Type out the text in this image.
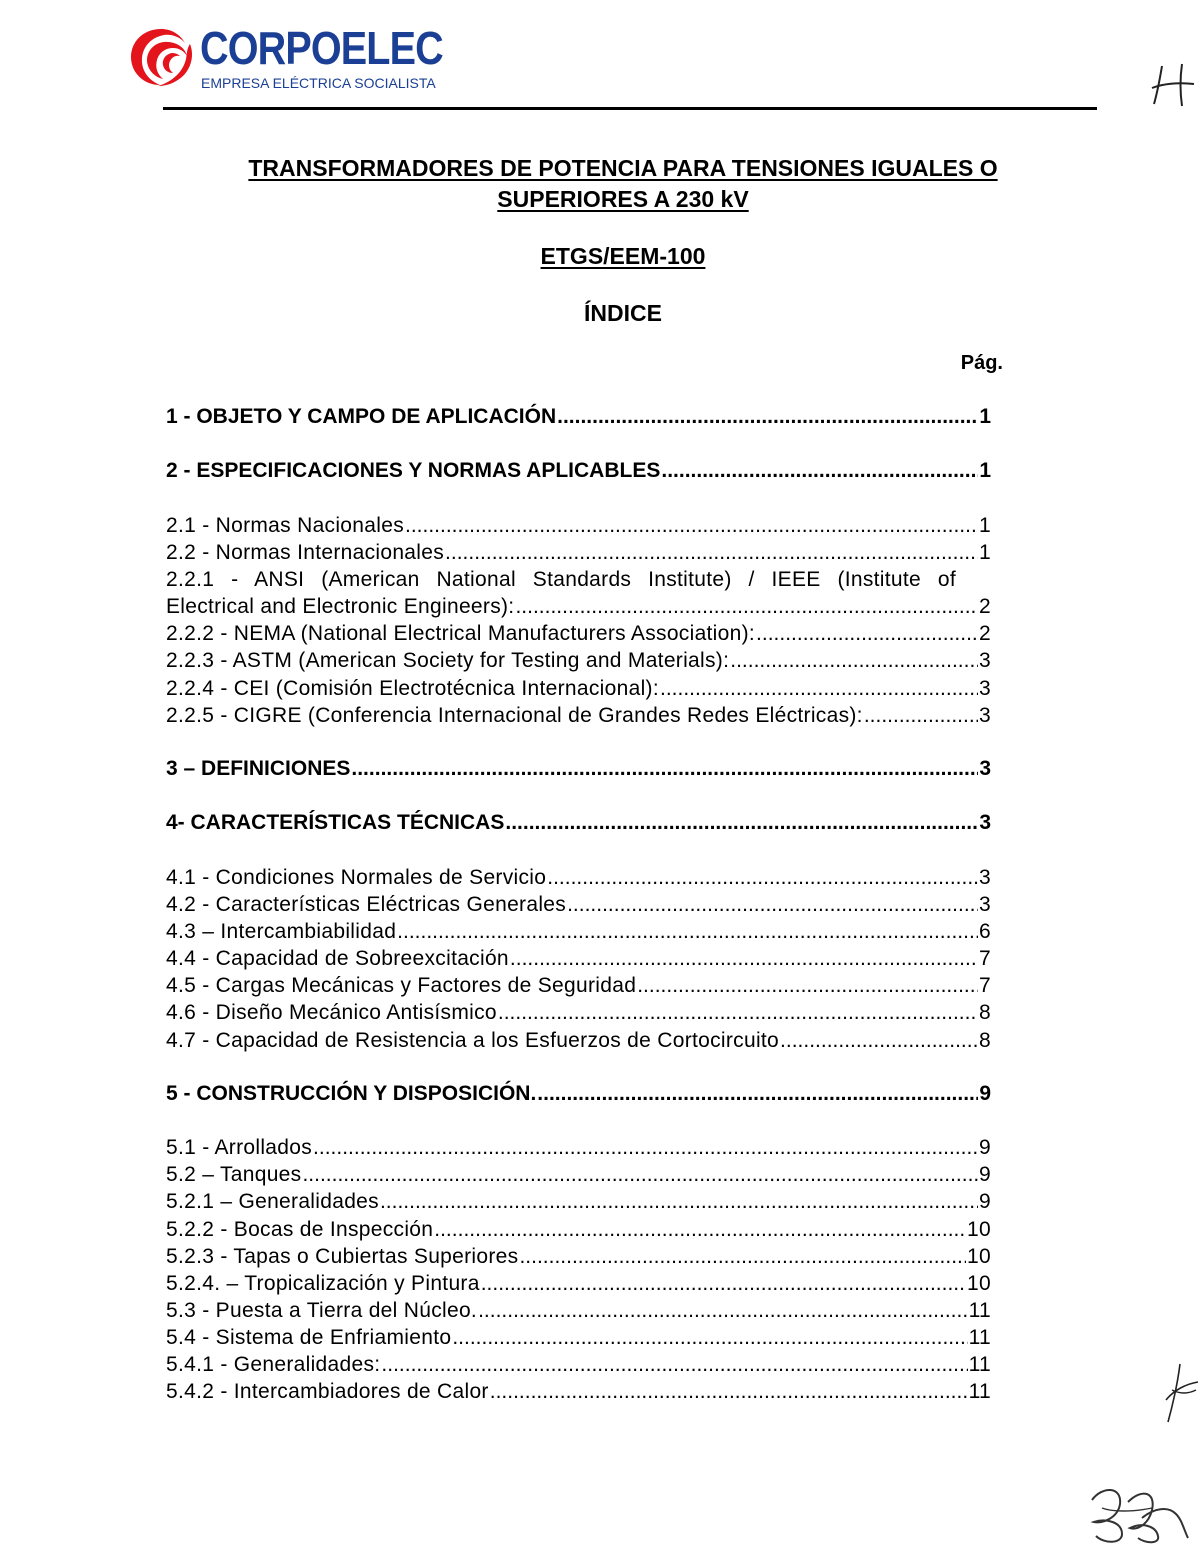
CORPOELEC
EMPRESA ELÉCTRICA SOCIALISTA
TRANSFORMADORES DE POTENCIA PARA TENSIONES IGUALES O
SUPERIORES A 230 kV
ETGS/EEM-100
ÍNDICE
Pág.
1 - OBJETO Y CAMPO DE APLICACIÓN .....	1
2 - ESPECIFICACIONES Y NORMAS APLICABLES .....	1
2.1 - Normas Nacionales .....	1
2.2 - Normas Internacionales .....	1
2.2.1 - ANSI (American National Standards Institute) / IEEE (Institute of
Electrical and Electronic Engineers): .....	2
2.2.2 - NEMA (National Electrical Manufacturers Association): .....	2
2.2.3 - ASTM (American Society for Testing and Materials): .....	3
2.2.4 - CEI (Comisión Electrotécnica Internacional): .....	3
2.2.5 - CIGRE (Conferencia Internacional de Grandes Redes Eléctricas): .....	3
3 – DEFINICIONES .....	3
4- CARACTERÍSTICAS TÉCNICAS .....	3
4.1 - Condiciones Normales de Servicio .....	3
4.2 - Características Eléctricas Generales .....	3
4.3 – Intercambiabilidad .....	6
4.4 - Capacidad de Sobreexcitación .....	7
4.5 - Cargas Mecánicas y Factores de Seguridad .....	7
4.6 - Diseño Mecánico Antisísmico .....	8
4.7 - Capacidad de Resistencia a los Esfuerzos de Cortocircuito .....	8
5 - CONSTRUCCIÓN Y DISPOSICIÓN. .....	9
5.1 - Arrollados .....	9
5.2 – Tanques .....	9
5.2.1 – Generalidades .....	9
5.2.2 - Bocas de Inspección .....	10
5.2.3 - Tapas o Cubiertas Superiores .....	10
5.2.4. – Tropicalización y Pintura .....	10
5.3 - Puesta a Tierra del Núcleo. .....	11
5.4 - Sistema de Enfriamiento .....	11
5.4.1 - Generalidades: .....	11
5.4.2 - Intercambiadores de Calor .....	11
